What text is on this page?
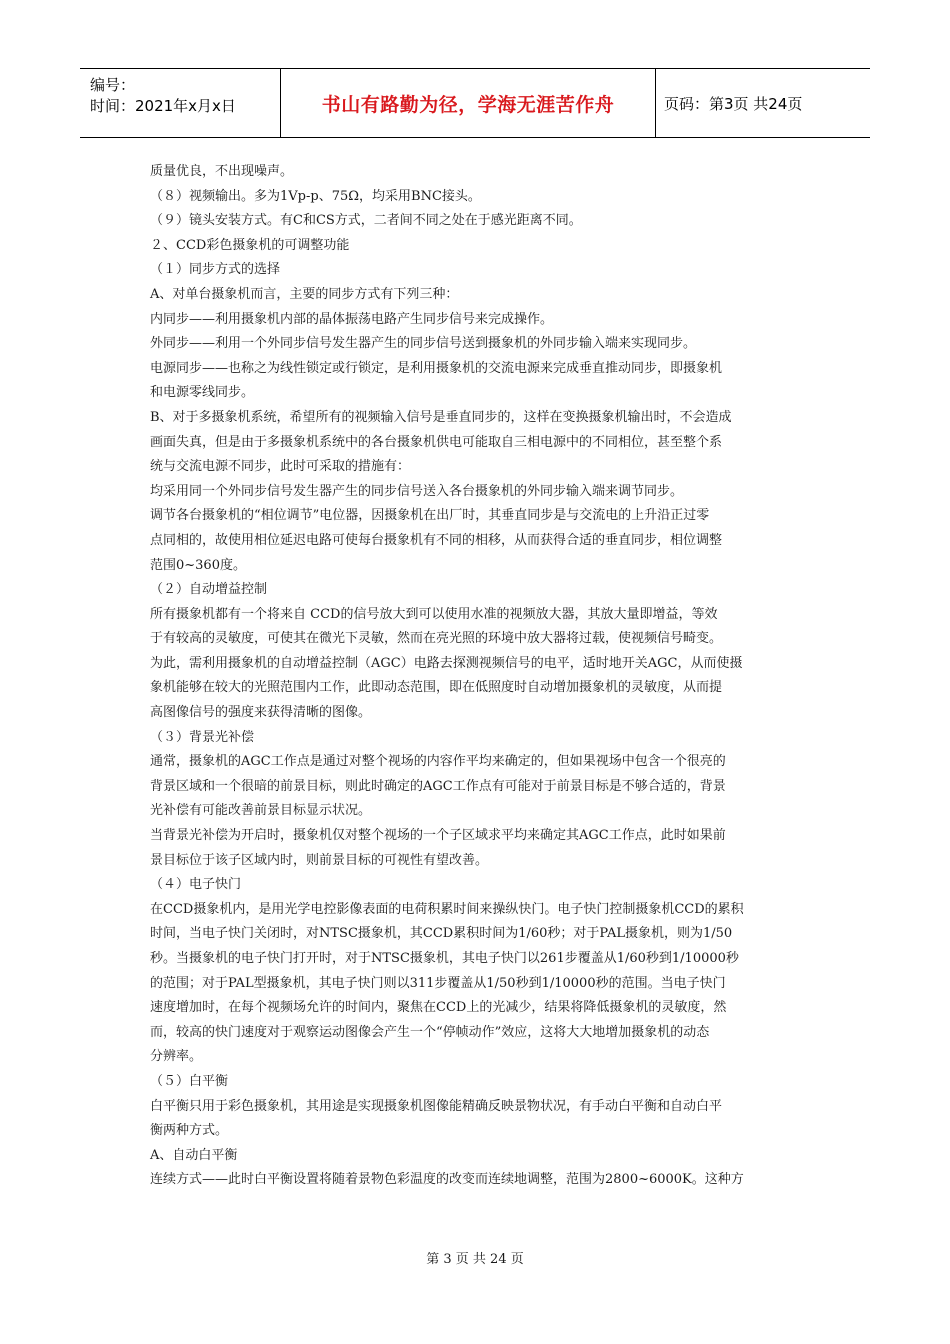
编号：
时间：2021年x月x日	书山有路勤为径，学海无涯苦作舟	页码：第3页 共24页
质量优良，不出现噪声。
（８）视频输出。多为1Vp-p、75Ω，均采用BNC接头。
（９）镜头安装方式。有C和CS方式，二者间不同之处在于感光距离不同。
２、CCD彩色摄象机的可调整功能
（１）同步方式的选择
A、对单台摄象机而言，主要的同步方式有下列三种：
内同步——利用摄象机内部的晶体振荡电路产生同步信号来完成操作。
外同步——利用一个外同步信号发生器产生的同步信号送到摄象机的外同步输入端来实现同步。
电源同步——也称之为线性锁定或行锁定，是利用摄象机的交流电源来完成垂直推动同步，即摄象机
和电源零线同步。
B、对于多摄象机系统，希望所有的视频输入信号是垂直同步的，这样在变换摄象机输出时，不会造成
画面失真，但是由于多摄象机系统中的各台摄象机供电可能取自三相电源中的不同相位，甚至整个系
统与交流电源不同步，此时可采取的措施有：
均采用同一个外同步信号发生器产生的同步信号送入各台摄象机的外同步输入端来调节同步。
调节各台摄象机的“相位调节”电位器，因摄象机在出厂时，其垂直同步是与交流电的上升沿正过零
点同相的，故使用相位延迟电路可使每台摄象机有不同的相移，从而获得合适的垂直同步，相位调整
范围0~360度。
（２）自动增益控制
所有摄象机都有一个将来自 CCD的信号放大到可以使用水准的视频放大器，其放大量即增益，等效
于有较高的灵敏度，可使其在微光下灵敏，然而在亮光照的环境中放大器将过载，使视频信号畸变。
为此，需利用摄象机的自动增益控制（AGC）电路去探测视频信号的电平，适时地开关AGC，从而使摄
象机能够在较大的光照范围内工作，此即动态范围，即在低照度时自动增加摄象机的灵敏度，从而提
高图像信号的强度来获得清晰的图像。
（３）背景光补偿
通常，摄象机的AGC工作点是通过对整个视场的内容作平均来确定的，但如果视场中包含一个很亮的
背景区域和一个很暗的前景目标，则此时确定的AGC工作点有可能对于前景目标是不够合适的，背景
光补偿有可能改善前景目标显示状况。
当背景光补偿为开启时，摄象机仅对整个视场的一个子区域求平均来确定其AGC工作点，此时如果前
景目标位于该子区域内时，则前景目标的可视性有望改善。
（４）电子快门
在CCD摄象机内，是用光学电控影像表面的电荷积累时间来操纵快门。电子快门控制摄象机CCD的累积
时间，当电子快门关闭时，对NTSC摄象机，其CCD累积时间为1/60秒；对于PAL摄象机，则为1/50
秒。当摄象机的电子快门打开时，对于NTSC摄象机，其电子快门以261步覆盖从1/60秒到1/10000秒
的范围；对于PAL型摄象机，其电子快门则以311步覆盖从1/50秒到1/10000秒的范围。当电子快门
速度增加时，在每个视频场允许的时间内，聚焦在CCD上的光减少，结果将降低摄象机的灵敏度，然
而，较高的快门速度对于观察运动图像会产生一个“停帧动作”效应，这将大大地增加摄象机的动态
分辨率。
（５）白平衡
白平衡只用于彩色摄象机，其用途是实现摄象机图像能精确反映景物状况，有手动白平衡和自动白平
衡两种方式。
A、自动白平衡
连续方式——此时白平衡设置将随着景物色彩温度的改变而连续地调整，范围为2800~6000K。这种方
第 3 页 共 24 页
